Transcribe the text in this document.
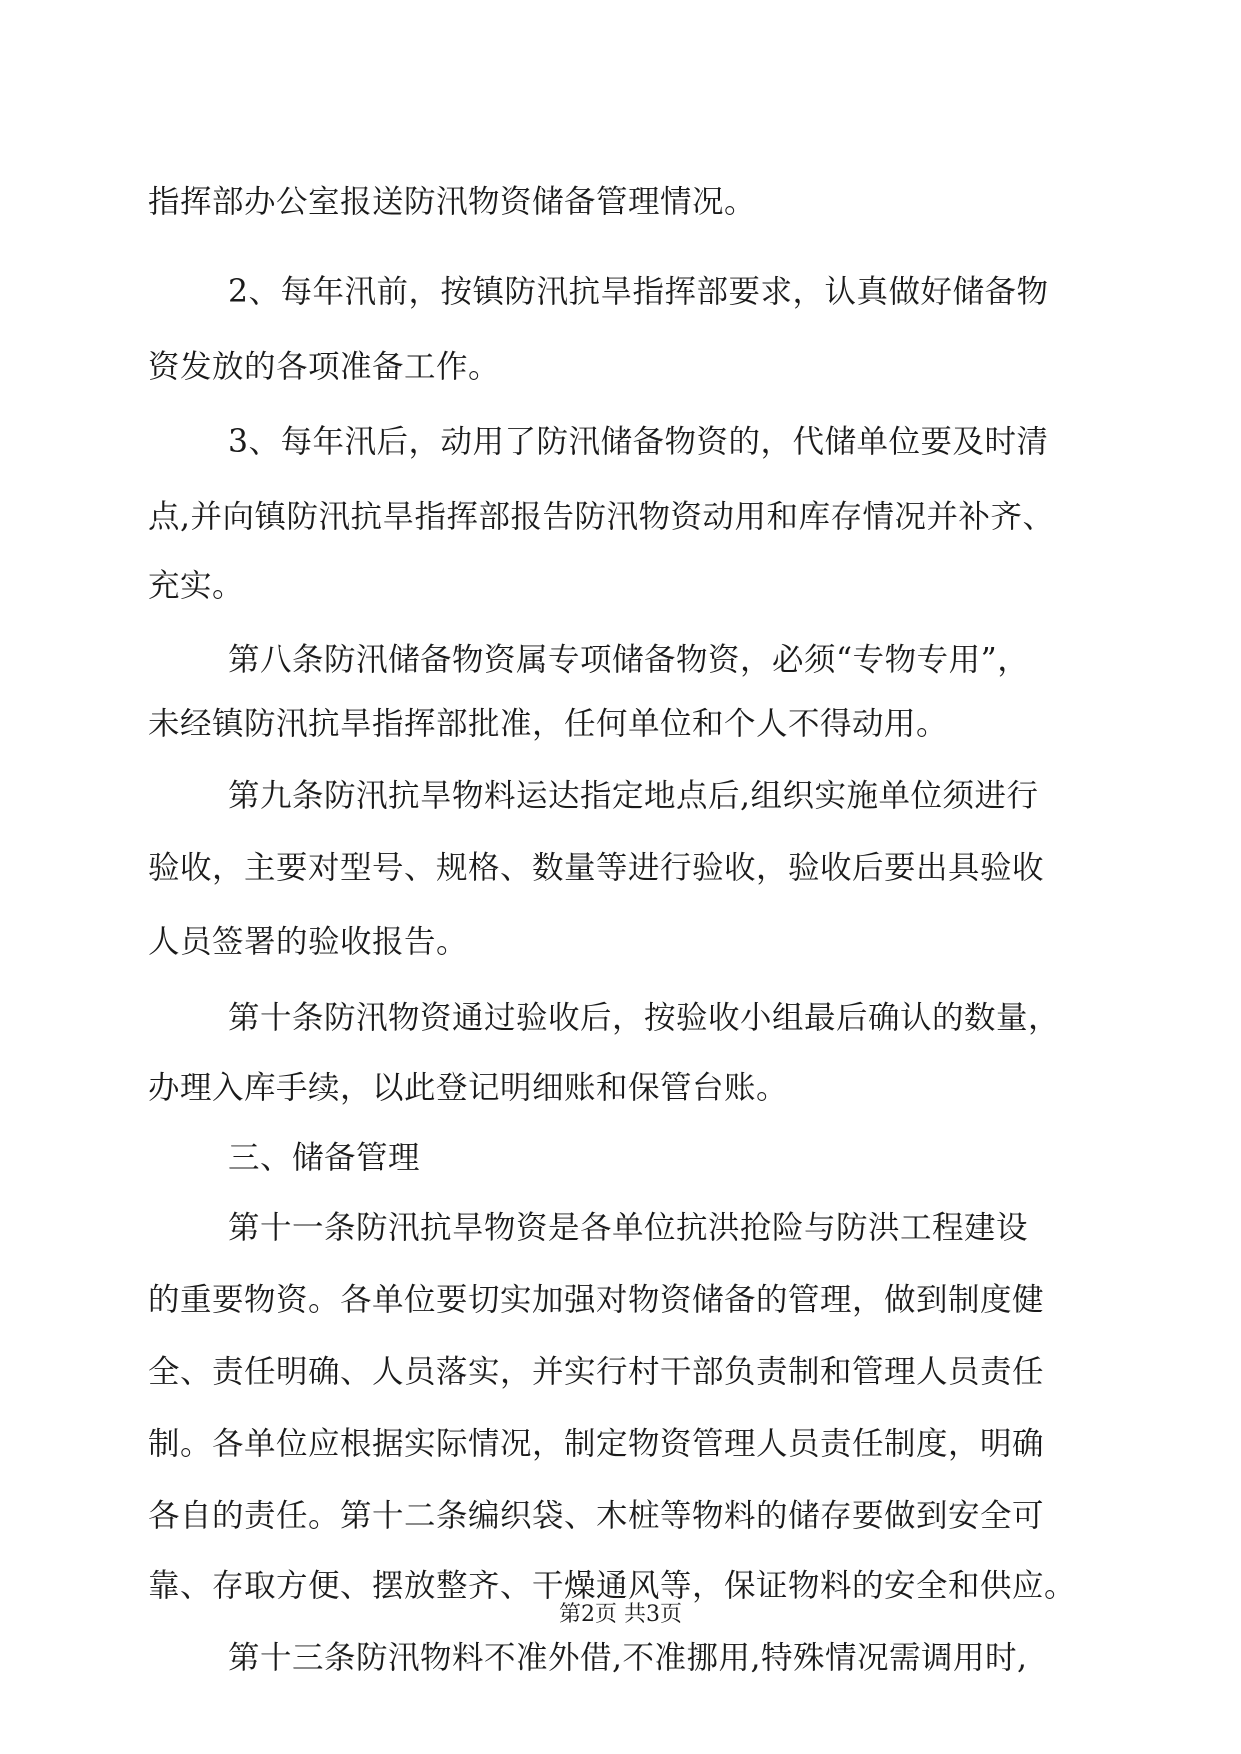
指挥部办公室报送防汛物资储备管理情况。
2、每年汛前，按镇防汛抗旱指挥部要求，认真做好储备物
资发放的各项准备工作。
3、每年汛后，动用了防汛储备物资的，代储单位要及时清
点,并向镇防汛抗旱指挥部报告防汛物资动用和库存情况并补齐、
充实。
第八条防汛储备物资属专项储备物资，必须“专物专用”，
未经镇防汛抗旱指挥部批准，任何单位和个人不得动用。
第九条防汛抗旱物料运达指定地点后,组织实施单位须进行
验收，主要对型号、规格、数量等进行验收，验收后要出具验收
人员签署的验收报告。
第十条防汛物资通过验收后，按验收小组最后确认的数量，
办理入库手续，以此登记明细账和保管台账。
三、储备管理
第十一条防汛抗旱物资是各单位抗洪抢险与防洪工程建设
的重要物资。各单位要切实加强对物资储备的管理，做到制度健
全、责任明确、人员落实，并实行村干部负责制和管理人员责任
制。各单位应根据实际情况，制定物资管理人员责任制度，明确
各自的责任。第十二条编织袋、木桩等物料的储存要做到安全可
靠、存取方便、摆放整齐、干燥通风等，保证物料的安全和供应。
第十三条防汛物料不准外借,不准挪用,特殊情况需调用时,
第2页 共3页
